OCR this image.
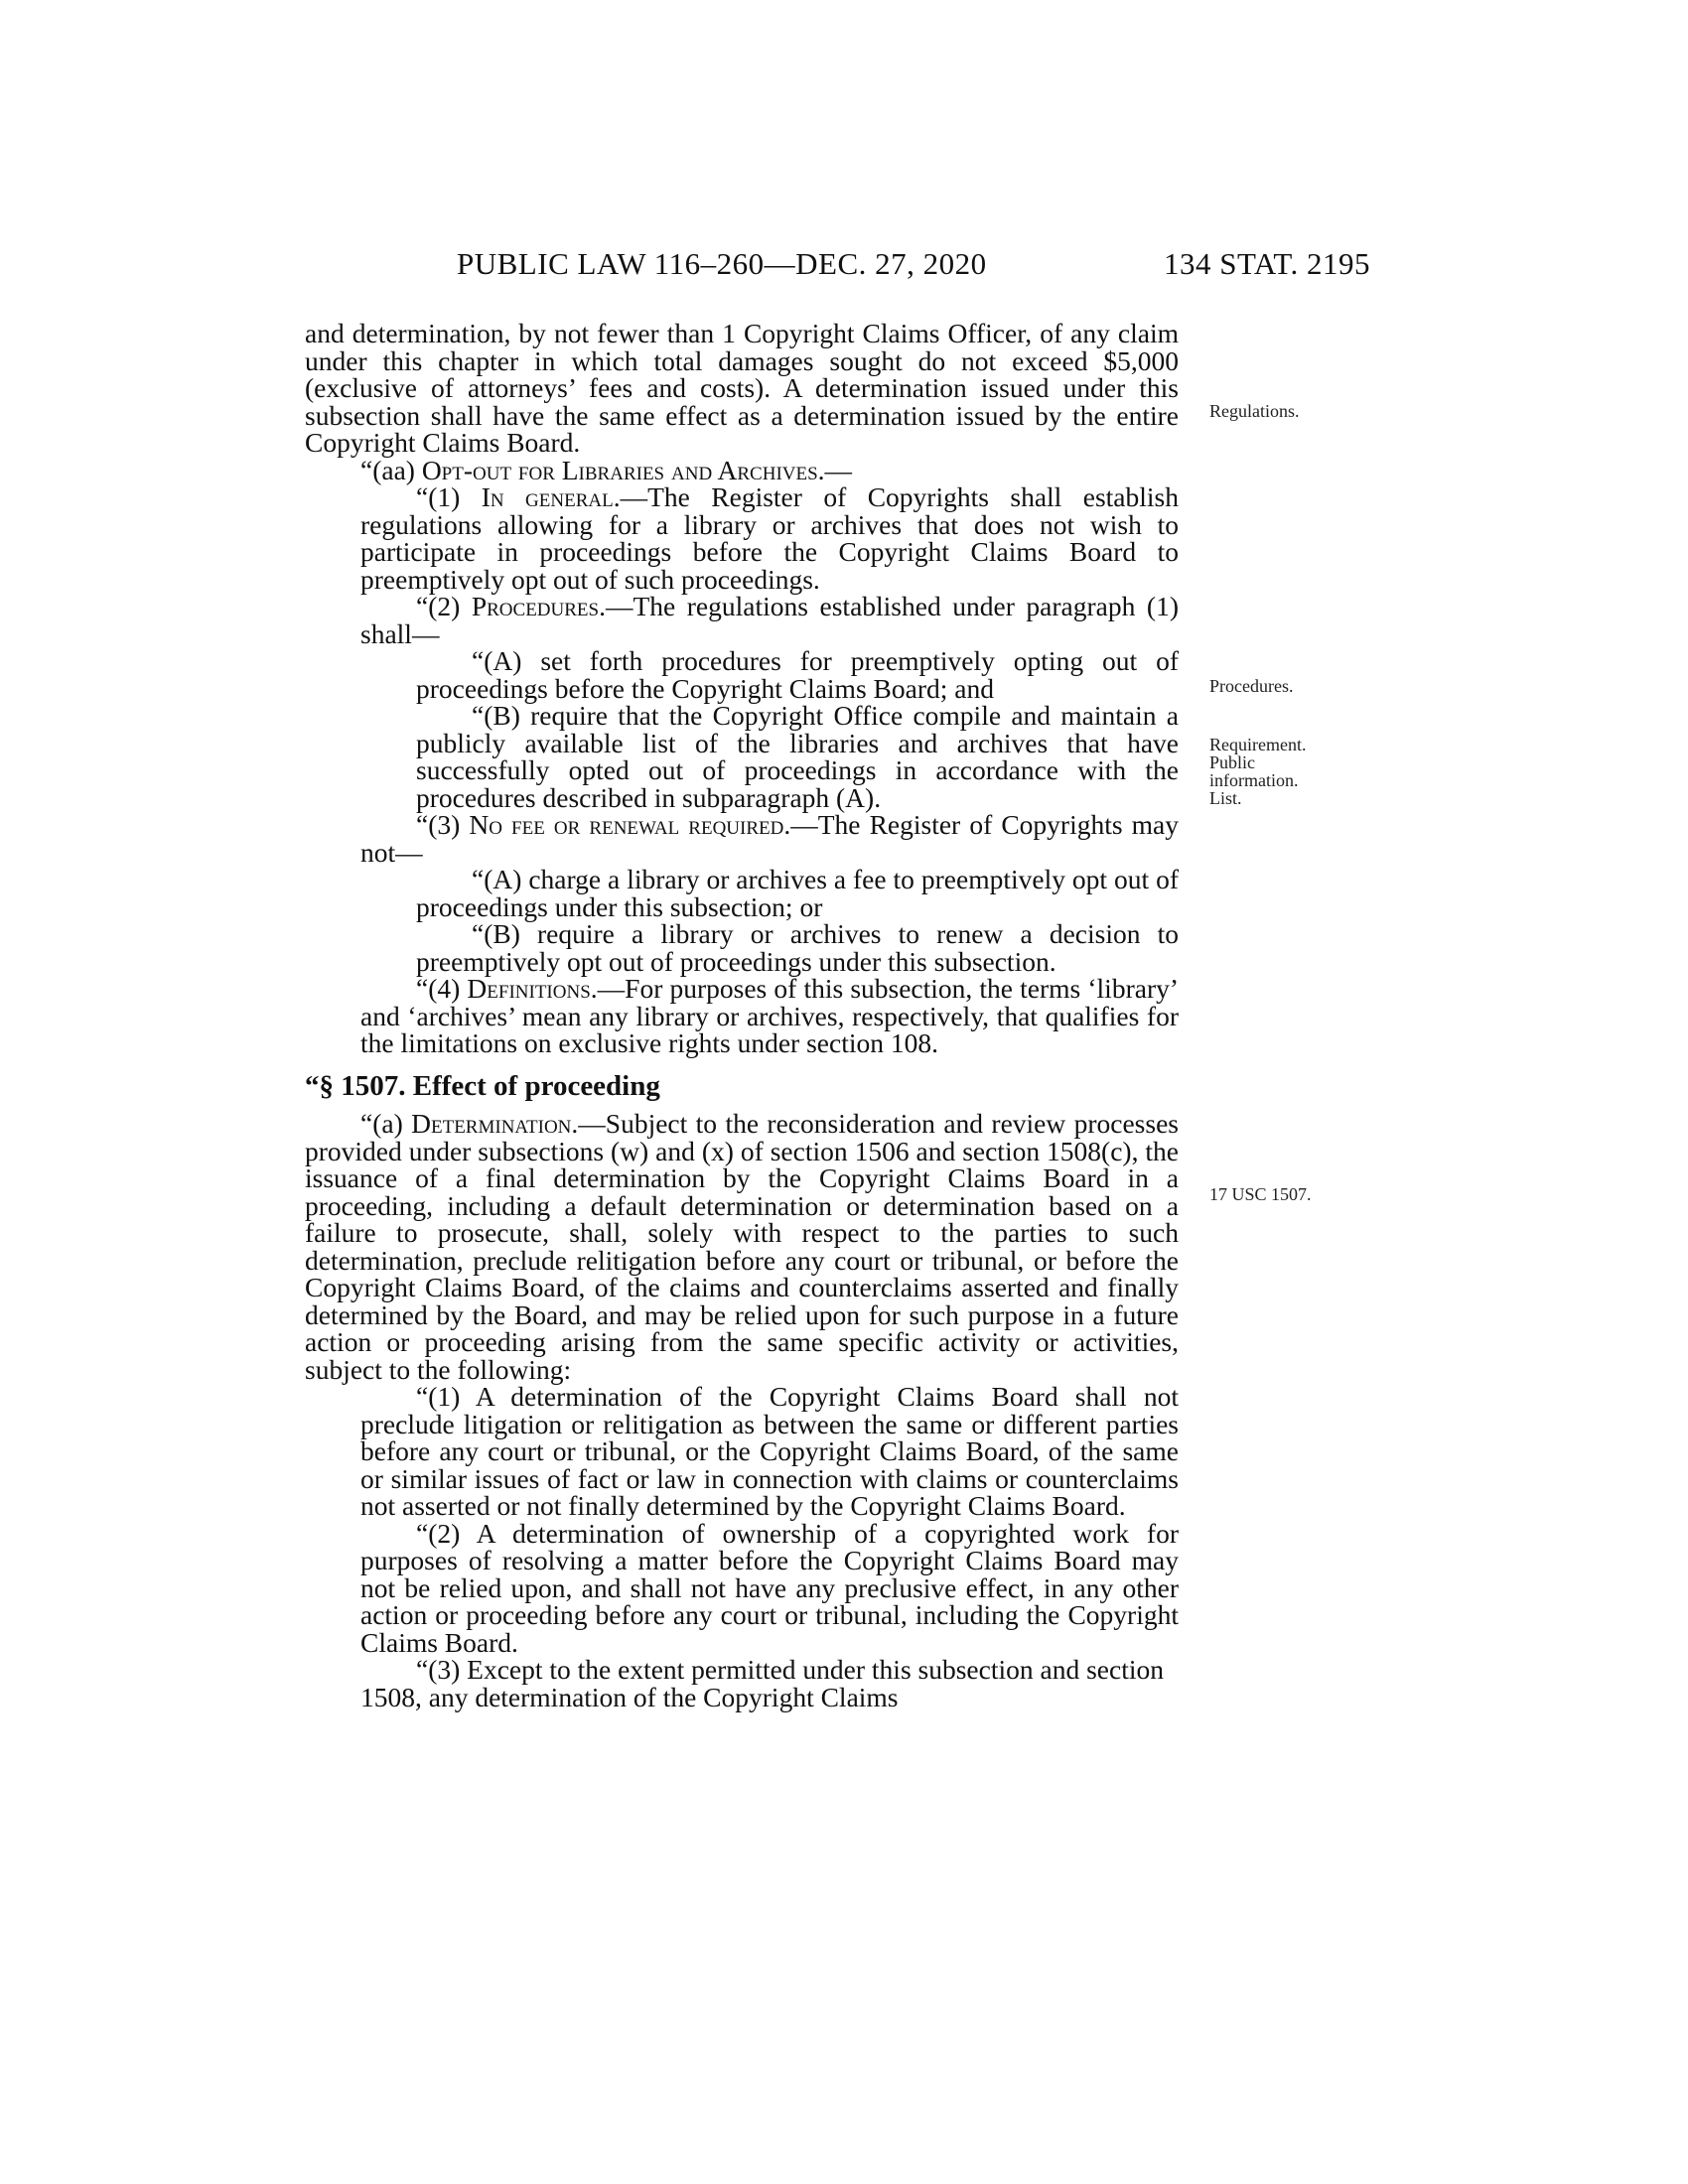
PUBLIC LAW 116–260—DEC. 27, 2020	134 STAT. 2195

and determination, by not fewer than 1 Copyright Claims Officer, of any claim under this chapter in which total damages sought do not exceed $5,000 (exclusive of attorneys’ fees and costs). A determination issued under this subsection shall have the same effect as a determination issued by the entire Copyright Claims Board.

“(aa) Opt-out for Libraries and Archives.—

“(1) In general.—The Register of Copyrights shall establish regulations allowing for a library or archives that does not wish to participate in proceedings before the Copyright Claims Board to preemptively opt out of such proceedings.

“(2) Procedures.—The regulations established under paragraph (1) shall—

“(A) set forth procedures for preemptively opting out of proceedings before the Copyright Claims Board; and

“(B) require that the Copyright Office compile and maintain a publicly available list of the libraries and archives that have successfully opted out of proceedings in accordance with the procedures described in subparagraph (A).

“(3) No fee or renewal required.—The Register of Copyrights may not—

“(A) charge a library or archives a fee to preemptively opt out of proceedings under this subsection; or

“(B) require a library or archives to renew a decision to preemptively opt out of proceedings under this subsection.

“(4) Definitions.—For purposes of this subsection, the terms ‘library’ and ‘archives’ mean any library or archives, respectively, that qualifies for the limitations on exclusive rights under section 108.

“§ 1507. Effect of proceeding

“(a) Determination.—Subject to the reconsideration and review processes provided under subsections (w) and (x) of section 1506 and section 1508(c), the issuance of a final determination by the Copyright Claims Board in a proceeding, including a default determination or determination based on a failure to prosecute, shall, solely with respect to the parties to such determination, preclude relitigation before any court or tribunal, or before the Copyright Claims Board, of the claims and counterclaims asserted and finally determined by the Board, and may be relied upon for such purpose in a future action or proceeding arising from the same specific activity or activities, subject to the following:

“(1) A determination of the Copyright Claims Board shall not preclude litigation or relitigation as between the same or different parties before any court or tribunal, or the Copyright Claims Board, of the same or similar issues of fact or law in connection with claims or counterclaims not asserted or not finally determined by the Copyright Claims Board.

“(2) A determination of ownership of a copyrighted work for purposes of resolving a matter before the Copyright Claims Board may not be relied upon, and shall not have any preclusive effect, in any other action or proceeding before any court or tribunal, including the Copyright Claims Board.

“(3) Except to the extent permitted under this subsection and section 1508, any determination of the Copyright Claims

Regulations.
Procedures.
Requirement.
Public
information.
List.
17 USC 1507.
